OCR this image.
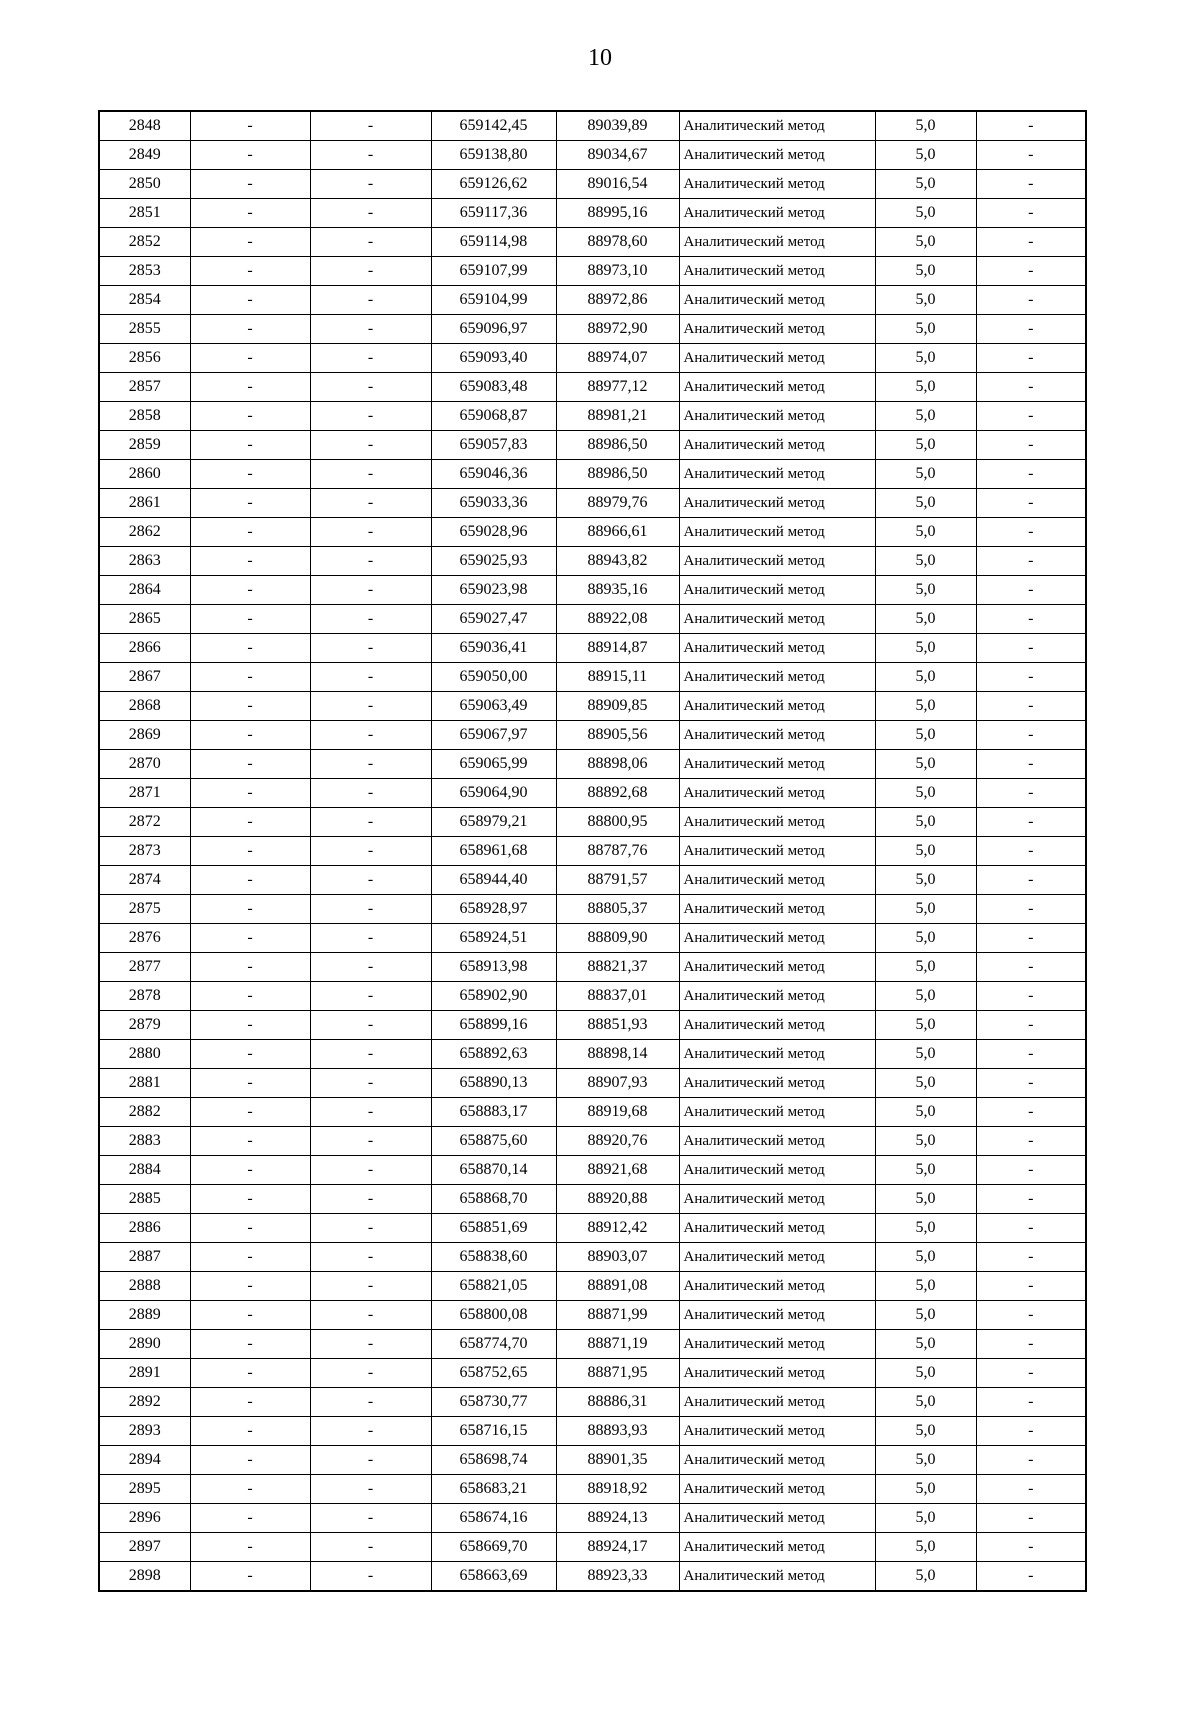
10
2848	-	-	659142,45	89039,89	Аналитический метод	5,0	-
2849	-	-	659138,80	89034,67	Аналитический метод	5,0	-
2850	-	-	659126,62	89016,54	Аналитический метод	5,0	-
2851	-	-	659117,36	88995,16	Аналитический метод	5,0	-
2852	-	-	659114,98	88978,60	Аналитический метод	5,0	-
2853	-	-	659107,99	88973,10	Аналитический метод	5,0	-
2854	-	-	659104,99	88972,86	Аналитический метод	5,0	-
2855	-	-	659096,97	88972,90	Аналитический метод	5,0	-
2856	-	-	659093,40	88974,07	Аналитический метод	5,0	-
2857	-	-	659083,48	88977,12	Аналитический метод	5,0	-
2858	-	-	659068,87	88981,21	Аналитический метод	5,0	-
2859	-	-	659057,83	88986,50	Аналитический метод	5,0	-
2860	-	-	659046,36	88986,50	Аналитический метод	5,0	-
2861	-	-	659033,36	88979,76	Аналитический метод	5,0	-
2862	-	-	659028,96	88966,61	Аналитический метод	5,0	-
2863	-	-	659025,93	88943,82	Аналитический метод	5,0	-
2864	-	-	659023,98	88935,16	Аналитический метод	5,0	-
2865	-	-	659027,47	88922,08	Аналитический метод	5,0	-
2866	-	-	659036,41	88914,87	Аналитический метод	5,0	-
2867	-	-	659050,00	88915,11	Аналитический метод	5,0	-
2868	-	-	659063,49	88909,85	Аналитический метод	5,0	-
2869	-	-	659067,97	88905,56	Аналитический метод	5,0	-
2870	-	-	659065,99	88898,06	Аналитический метод	5,0	-
2871	-	-	659064,90	88892,68	Аналитический метод	5,0	-
2872	-	-	658979,21	88800,95	Аналитический метод	5,0	-
2873	-	-	658961,68	88787,76	Аналитический метод	5,0	-
2874	-	-	658944,40	88791,57	Аналитический метод	5,0	-
2875	-	-	658928,97	88805,37	Аналитический метод	5,0	-
2876	-	-	658924,51	88809,90	Аналитический метод	5,0	-
2877	-	-	658913,98	88821,37	Аналитический метод	5,0	-
2878	-	-	658902,90	88837,01	Аналитический метод	5,0	-
2879	-	-	658899,16	88851,93	Аналитический метод	5,0	-
2880	-	-	658892,63	88898,14	Аналитический метод	5,0	-
2881	-	-	658890,13	88907,93	Аналитический метод	5,0	-
2882	-	-	658883,17	88919,68	Аналитический метод	5,0	-
2883	-	-	658875,60	88920,76	Аналитический метод	5,0	-
2884	-	-	658870,14	88921,68	Аналитический метод	5,0	-
2885	-	-	658868,70	88920,88	Аналитический метод	5,0	-
2886	-	-	658851,69	88912,42	Аналитический метод	5,0	-
2887	-	-	658838,60	88903,07	Аналитический метод	5,0	-
2888	-	-	658821,05	88891,08	Аналитический метод	5,0	-
2889	-	-	658800,08	88871,99	Аналитический метод	5,0	-
2890	-	-	658774,70	88871,19	Аналитический метод	5,0	-
2891	-	-	658752,65	88871,95	Аналитический метод	5,0	-
2892	-	-	658730,77	88886,31	Аналитический метод	5,0	-
2893	-	-	658716,15	88893,93	Аналитический метод	5,0	-
2894	-	-	658698,74	88901,35	Аналитический метод	5,0	-
2895	-	-	658683,21	88918,92	Аналитический метод	5,0	-
2896	-	-	658674,16	88924,13	Аналитический метод	5,0	-
2897	-	-	658669,70	88924,17	Аналитический метод	5,0	-
2898	-	-	658663,69	88923,33	Аналитический метод	5,0	-
